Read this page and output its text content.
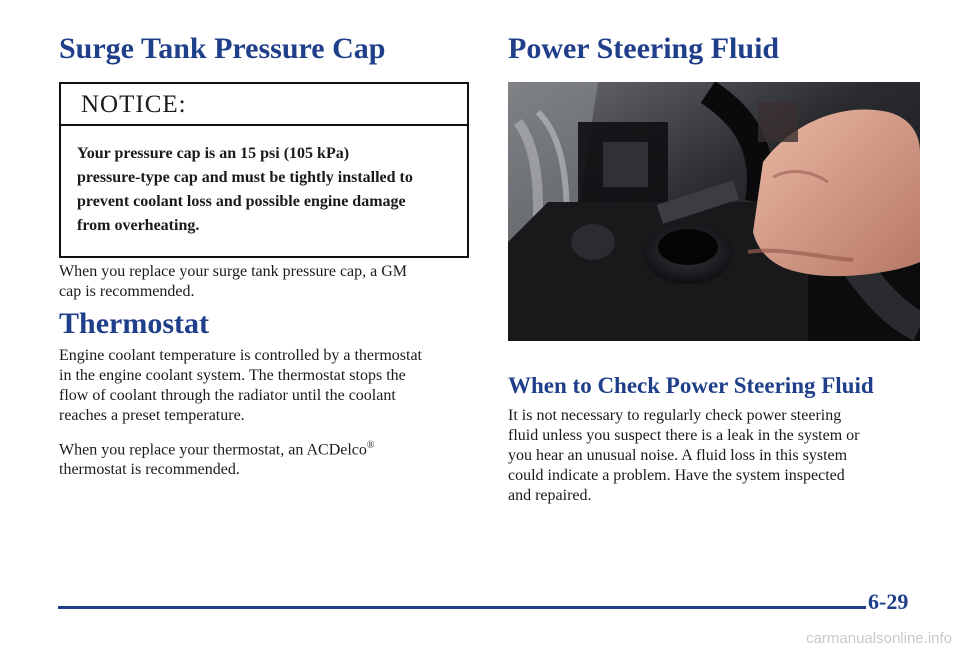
Surge Tank Pressure Cap
NOTICE:
Your pressure cap is an 15 psi (105 kPa)
pressure-type cap and must be tightly installed to
prevent coolant loss and possible engine damage
from overheating.
When you replace your surge tank pressure cap, a GM
cap is recommended.
Thermostat
Engine coolant temperature is controlled by a thermostat
in the engine coolant system. The thermostat stops the
flow of coolant through the radiator until the coolant
reaches a preset temperature.
When you replace your thermostat, an ACDelco®
thermostat is recommended.
Power Steering Fluid
When to Check Power Steering Fluid
It is not necessary to regularly check power steering
fluid unless you suspect there is a leak in the system or
you hear an unusual noise. A fluid loss in this system
could indicate a problem. Have the system inspected
and repaired.
6-29
carmanualsonline.info
